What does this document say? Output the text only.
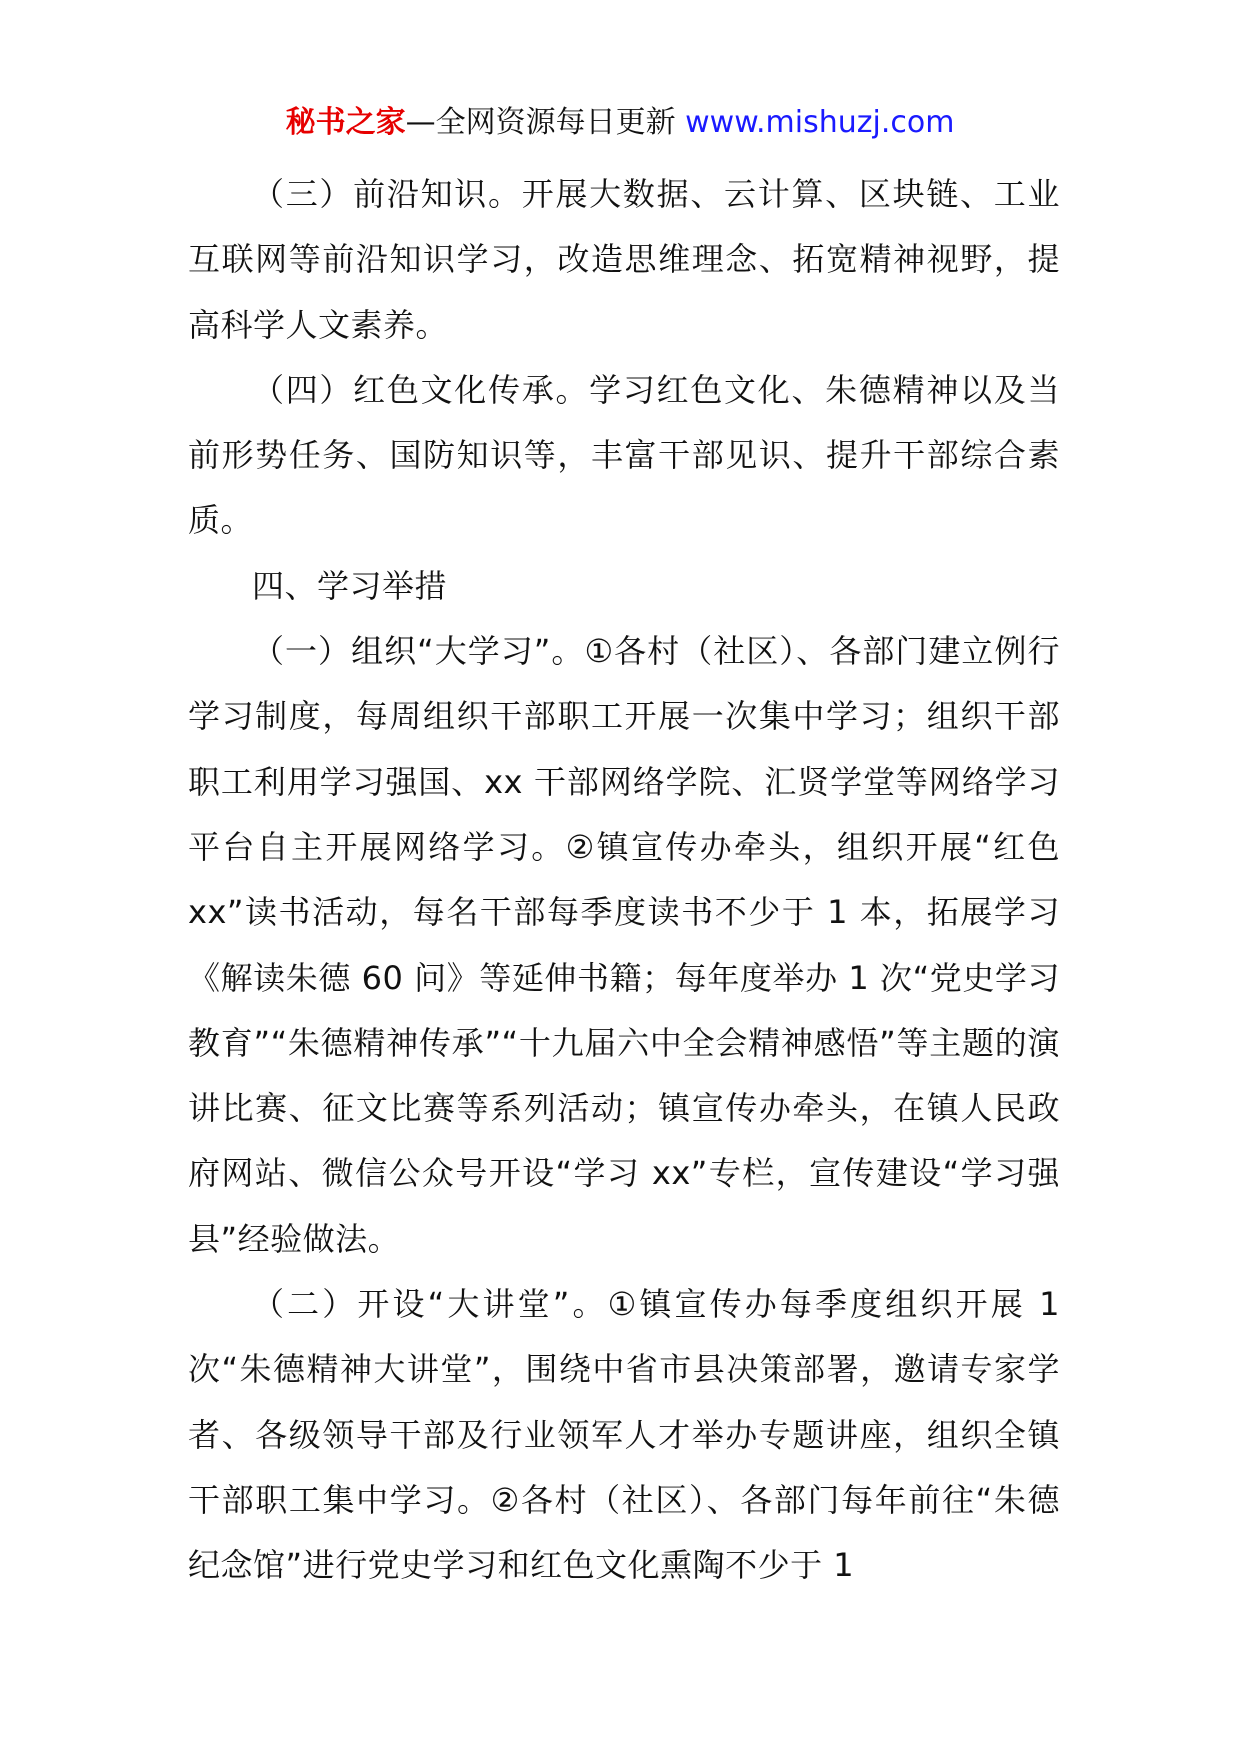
秘书之家—全网资源每日更新 www.mishuzj.com

（三）前沿知识。开展大数据、云计算、区块链、工业互联网等前沿知识学习，改造思维理念、拓宽精神视野，提高科学人文素养。

（四）红色文化传承。学习红色文化、朱德精神以及当前形势任务、国防知识等，丰富干部见识、提升干部综合素质。

四、学习举措

（一）组织“大学习”。①各村（社区）、各部门建立例行学习制度，每周组织干部职工开展一次集中学习；组织干部职工利用学习强国、xx 干部网络学院、汇贤学堂等网络学习平台自主开展网络学习。②镇宣传办牵头，组织开展“红色 xx”读书活动，每名干部每季度读书不少于 1 本，拓展学习《解读朱德 60 问》等延伸书籍；每年度举办 1 次“党史学习教育”“朱德精神传承”“十九届六中全会精神感悟”等主题的演讲比赛、征文比赛等系列活动；镇宣传办牵头，在镇人民政府网站、微信公众号开设“学习 xx”专栏，宣传建设“学习强县”经验做法。

（二）开设“大讲堂”。①镇宣传办每季度组织开展 1 次“朱德精神大讲堂”，围绕中省市县决策部署，邀请专家学者、各级领导干部及行业领军人才举办专题讲座，组织全镇干部职工集中学习。②各村（社区）、各部门每年前往“朱德纪念馆”进行党史学习和红色文化熏陶不少于 1
